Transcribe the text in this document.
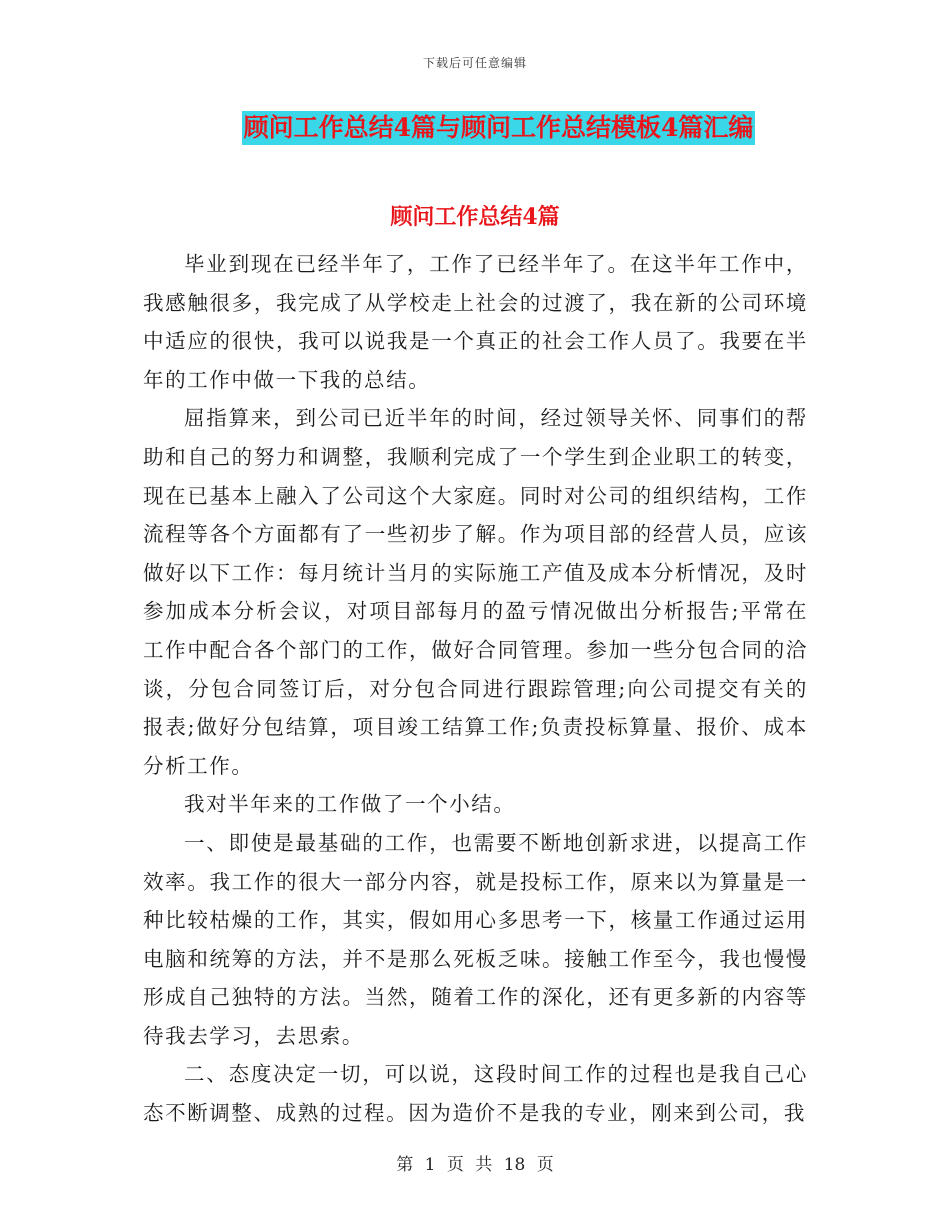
下载后可任意编辑
顾问工作总结4篇与顾问工作总结模板4篇汇编
顾问工作总结4篇

毕业到现在已经半年了，工作了已经半年了。在这半年工作中，我感触很多，我完成了从学校走上社会的过渡了，我在新的公司环境中适应的很快，我可以说我是一个真正的社会工作人员了。我要在半年的工作中做一下我的总结。

屈指算来，到公司已近半年的时间，经过领导关怀、同事们的帮助和自己的努力和调整，我顺利完成了一个学生到企业职工的转变，现在已基本上融入了公司这个大家庭。同时对公司的组织结构，工作流程等各个方面都有了一些初步了解。作为项目部的经营人员，应该做好以下工作：每月统计当月的实际施工产值及成本分析情况，及时参加成本分析会议，对项目部每月的盈亏情况做出分析报告;平常在工作中配合各个部门的工作，做好合同管理。参加一些分包合同的洽谈，分包合同签订后，对分包合同进行跟踪管理;向公司提交有关的报表;做好分包结算，项目竣工结算工作;负责投标算量、报价、成本分析工作。

我对半年来的工作做了一个小结。

一、即使是最基础的工作，也需要不断地创新求进，以提高工作效率。我工作的很大一部分内容，就是投标工作，原来以为算量是一种比较枯燥的工作，其实，假如用心多思考一下，核量工作通过运用电脑和统筹的方法，并不是那么死板乏味。接触工作至今，我也慢慢形成自己独特的方法。当然，随着工作的深化，还有更多新的内容等待我去学习，去思索。

二、态度决定一切，可以说，这段时间工作的过程也是我自己心态不断调整、成熟的过程。因为造价不是我的专业，刚来到公司，我

第 1 页 共 18 页
